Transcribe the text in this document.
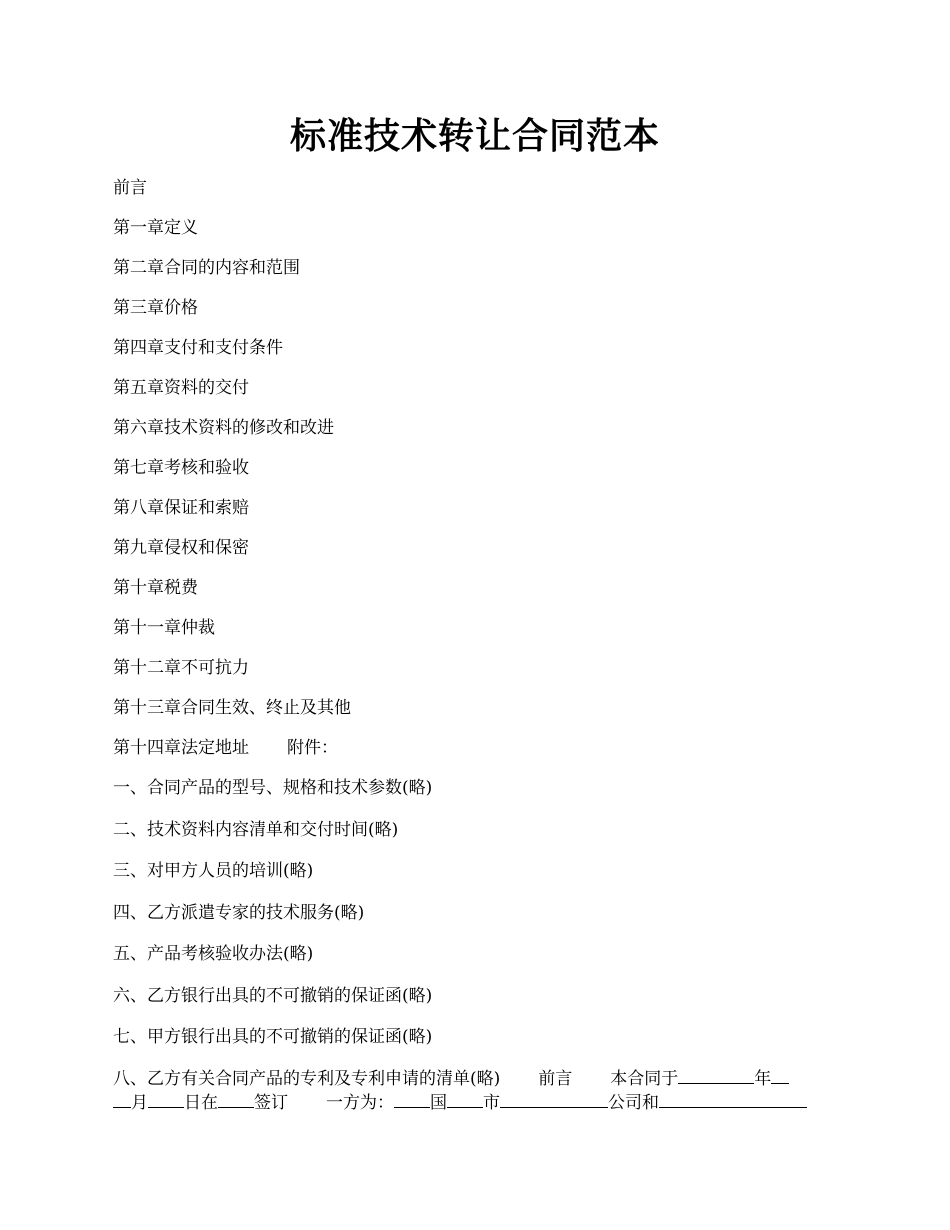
标准技术转让合同范本
前言
第一章定义
第二章合同的内容和范围
第三章价格
第四章支付和支付条件
第五章资料的交付
第六章技术资料的修改和改进
第七章考核和验收
第八章保证和索赔
第九章侵权和保密
第十章税费
第十一章仲裁
第十二章不可抗力
第十三章合同生效、终止及其他
第十四章法定地址 附件：
一、合同产品的型号、规格和技术参数(略)
二、技术资料内容清单和交付时间(略)
三、对甲方人员的培训(略)
四、乙方派遣专家的技术服务(略)
五、产品考核验收办法(略)
六、乙方银行出具的不可撤销的保证函(略)
七、甲方银行出具的不可撤销的保证函(略)

八、乙方有关合同产品的专利及专利申请的清单(略) 前言 本合同于	年
月 日在 签订 一方为： 国 市	公司和
